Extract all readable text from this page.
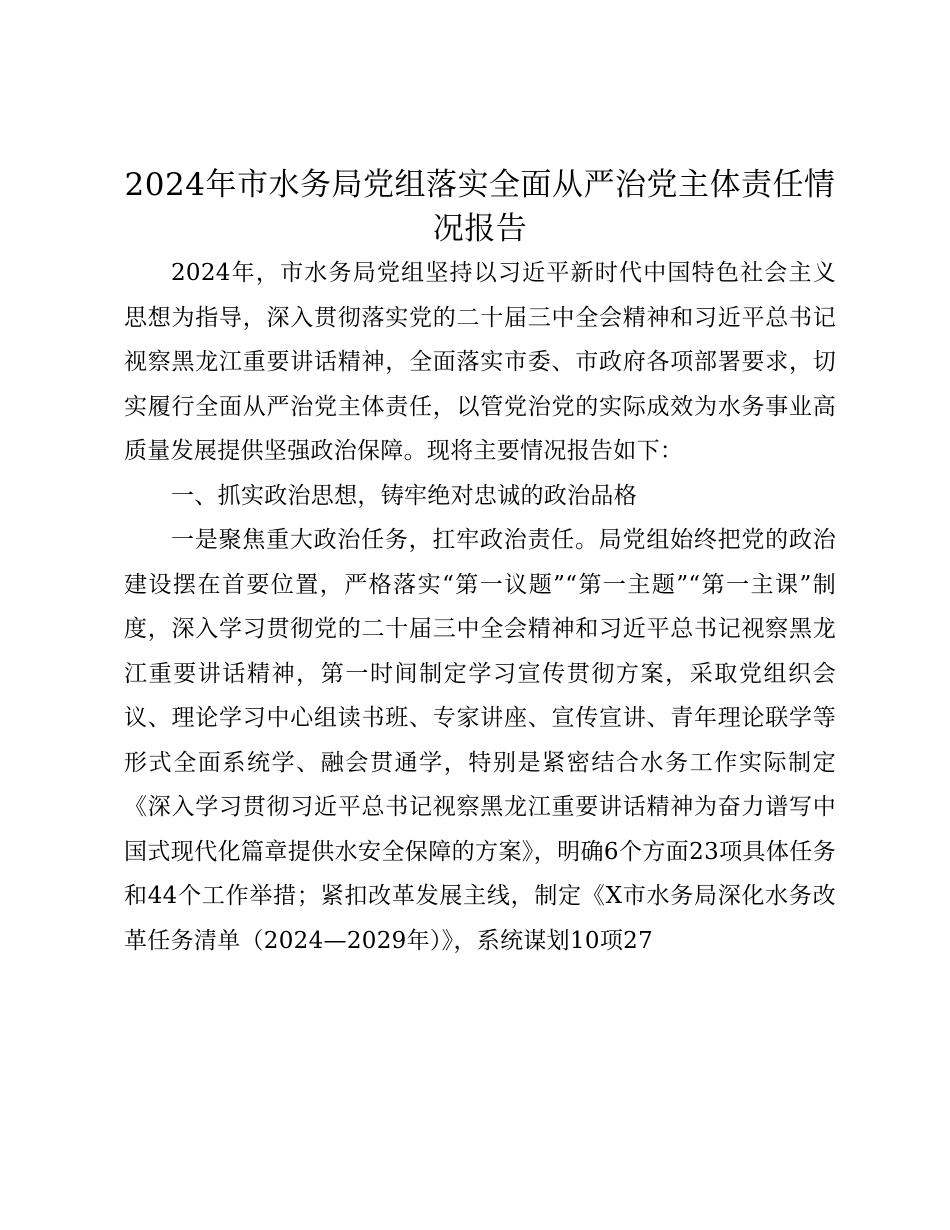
2024年市水务局党组落实全面从严治党主体责任情况报告

2024年，市水务局党组坚持以习近平新时代中国特色社会主义思想为指导，深入贯彻落实党的二十届三中全会精神和习近平总书记视察黑龙江重要讲话精神，全面落实市委、市政府各项部署要求，切实履行全面从严治党主体责任，以管党治党的实际成效为水务事业高质量发展提供坚强政治保障。现将主要情况报告如下：

一、抓实政治思想，铸牢绝对忠诚的政治品格

一是聚焦重大政治任务，扛牢政治责任。局党组始终把党的政治建设摆在首要位置，严格落实“第一议题”“第一主题”“第一主课”制度，深入学习贯彻党的二十届三中全会精神和习近平总书记视察黑龙江重要讲话精神，第一时间制定学习宣传贯彻方案，采取党组织会议、理论学习中心组读书班、专家讲座、宣传宣讲、青年理论联学等形式全面系统学、融会贯通学，特别是紧密结合水务工作实际制定《深入学习贯彻习近平总书记视察黑龙江重要讲话精神为奋力谱写中国式现代化篇章提供水安全保障的方案》，明确6个方面23项具体任务和44个工作举措；紧扣改革发展主线，制定《X市水务局深化水务改革任务清单（2024—2029年）》，系统谋划10项27
